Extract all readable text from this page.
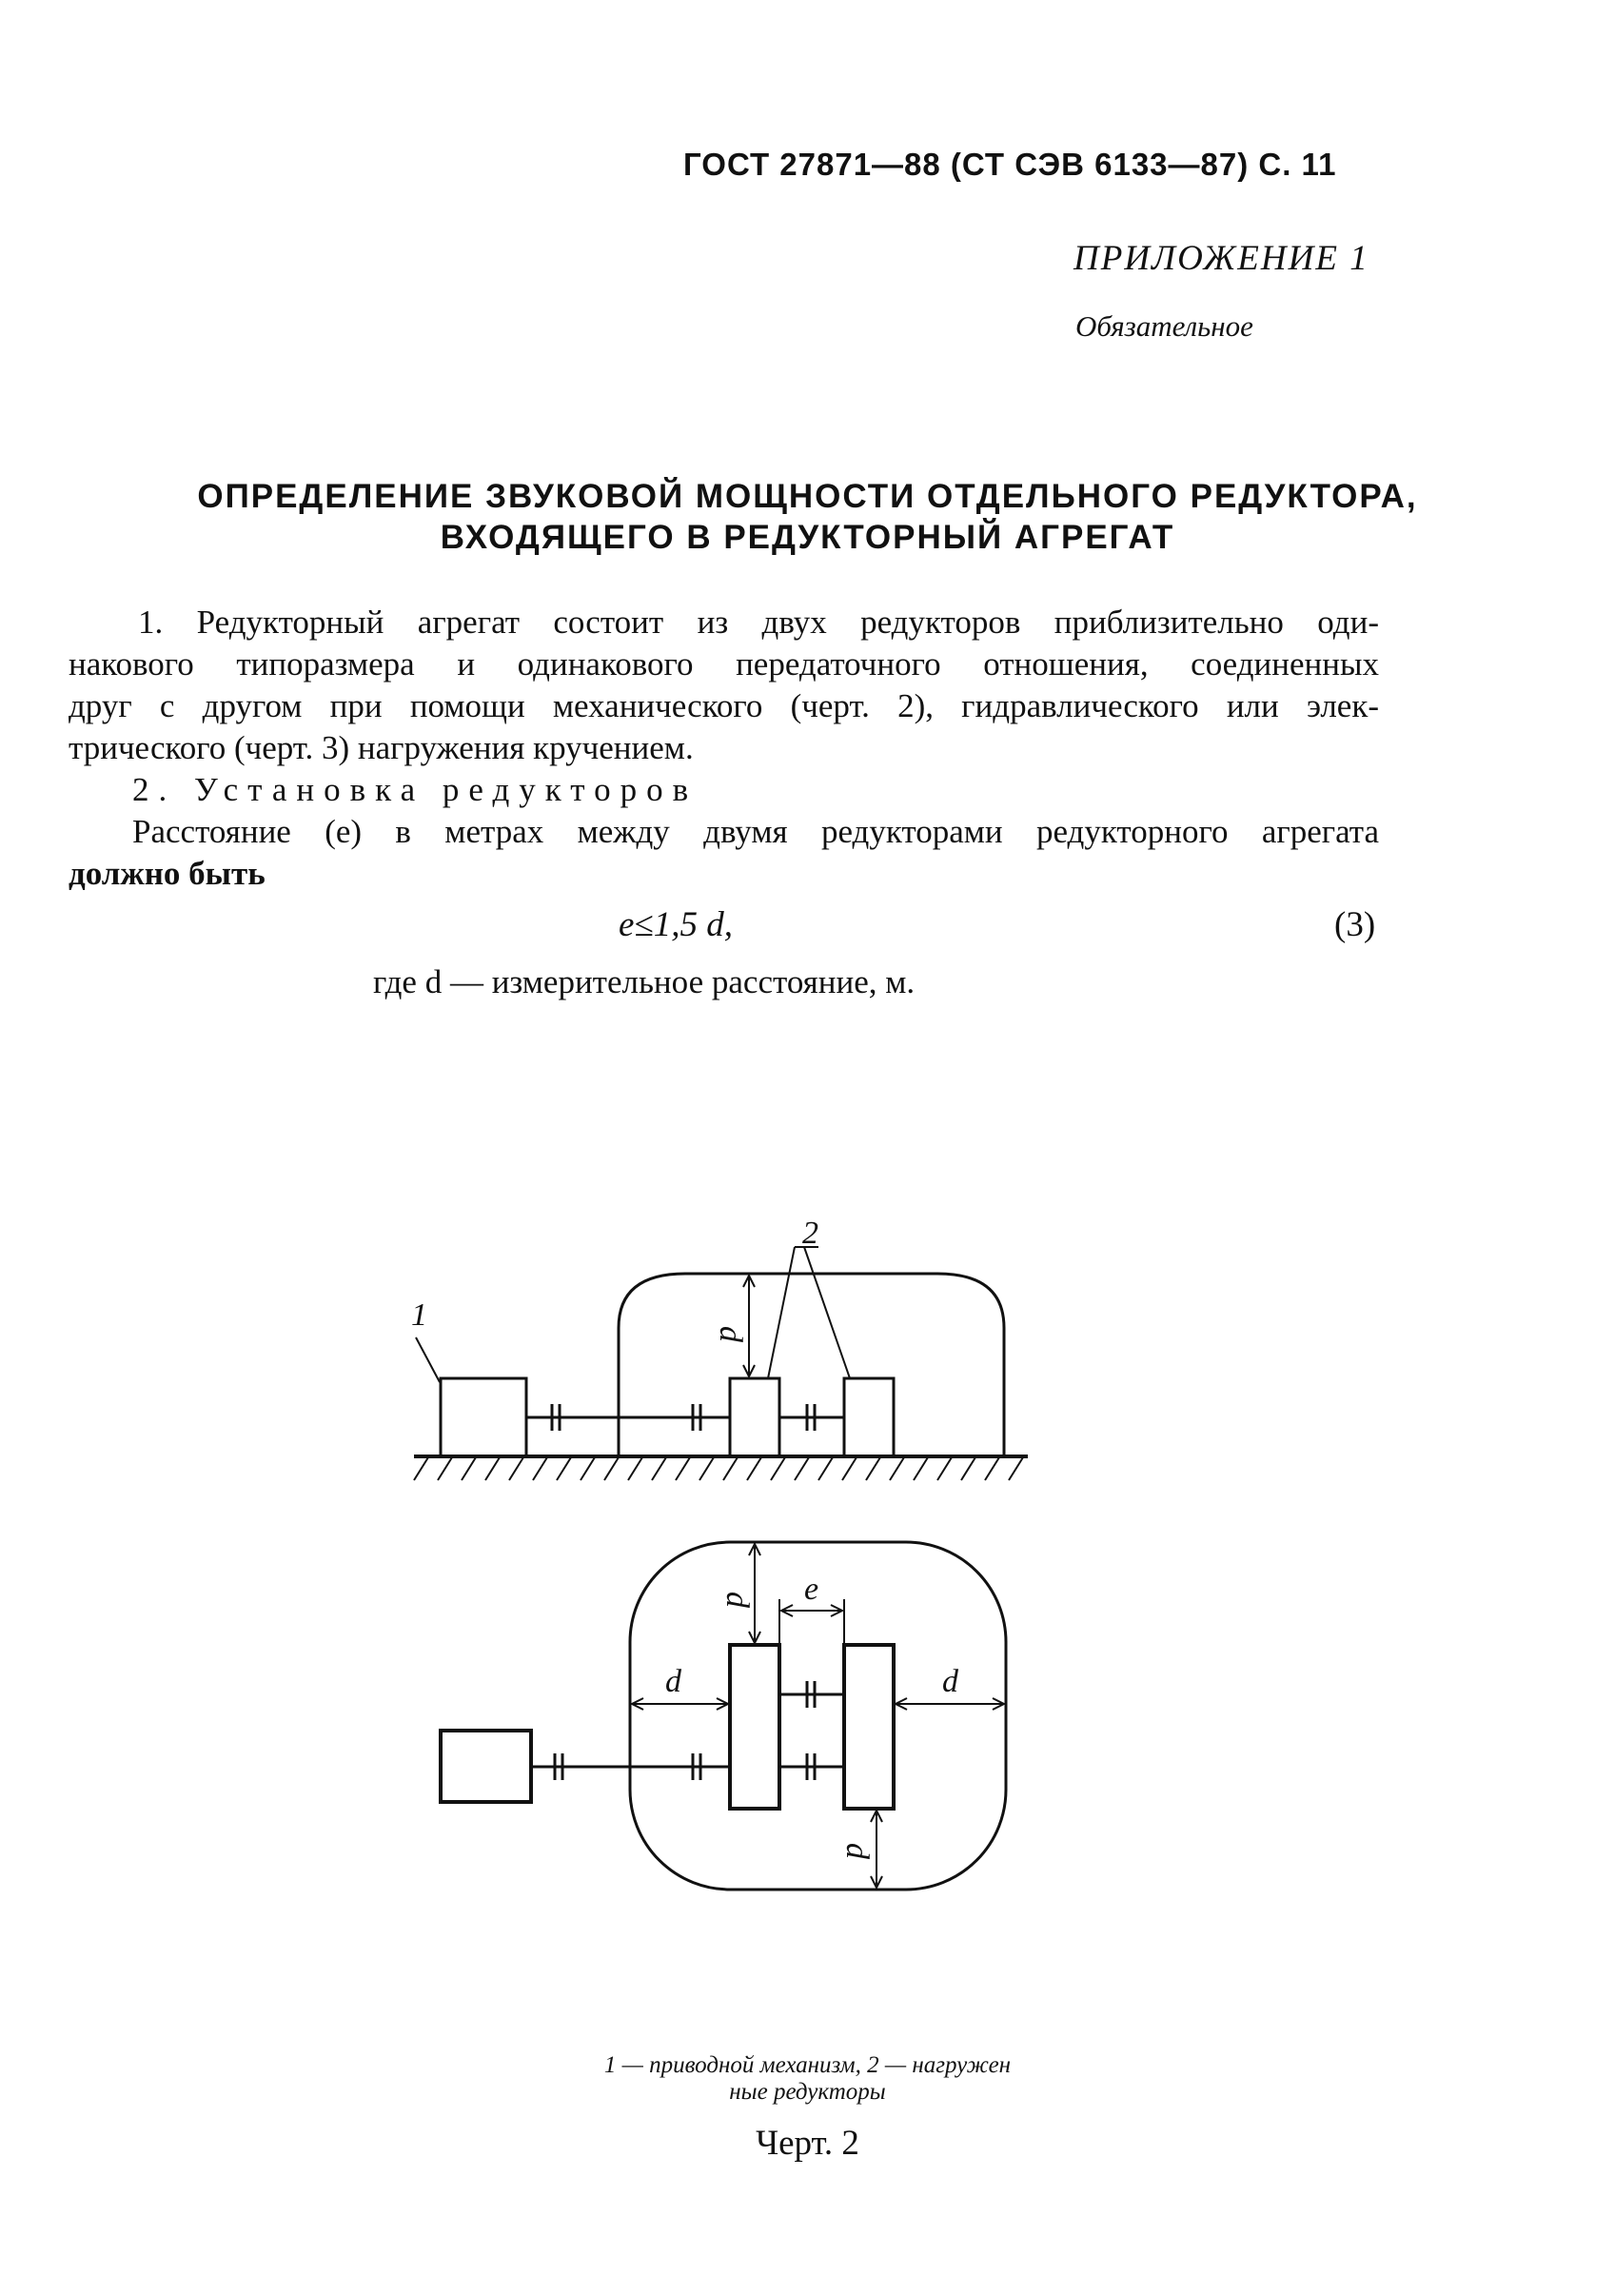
ГОСТ 27871—88 (СТ СЭВ 6133—87) С. 11
ПРИЛОЖЕНИЕ 1
Обязательное
ОПРЕДЕЛЕНИЕ ЗВУКОВОЙ МОЩНОСТИ ОТДЕЛЬНОГО РЕДУКТОРА,
ВХОДЯЩЕГО В РЕДУКТОРНЫЙ АГРЕГАТ
1. Редукторный агрегат состоит из двух редукторов приблизительно оди-
накового типоразмера и одинакового передаточного отношения, соединенных
друг с другом при помощи механического (черт. 2), гидравлического или элек-
трического (черт. 3) нагружения кручением.
2. Установка редукторов
Расстояние (e) в метрах между двумя редукторами редукторного агрегата
должно быть
e≤1,5 d,	(3)
где d — измерительное расстояние, м.
1
2
d
d
d	d
d
e
1 — приводной механизм, 2 — нагружен
ные редукторы
Черт. 2
